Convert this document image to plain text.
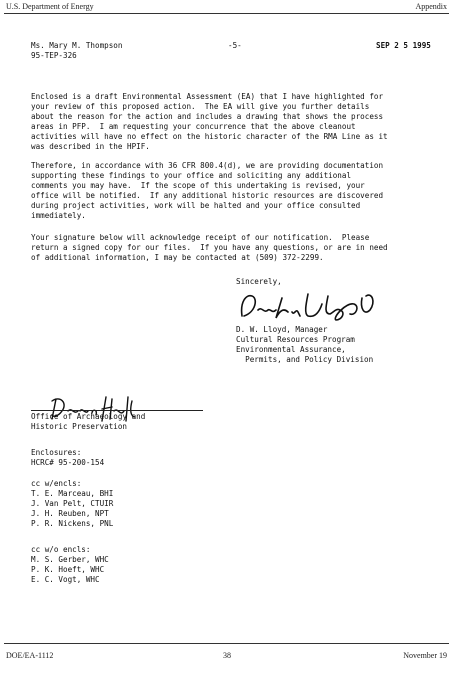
U.S. Department of Energy	Appendix
Ms. Mary M. Thompson
95-TEP-326
-5-	SEP 2 5 1995
Enclosed is a draft Environmental Assessment (EA) that I have highlighted for
your review of this proposed action.  The EA will give you further details
about the reason for the action and includes a drawing that shows the process
areas in PFP.  I am requesting your concurrence that the above cleanout
activities will have no effect on the historic character of the RMA Line as it
was described in the HPIF.
Therefore, in accordance with 36 CFR 800.4(d), we are providing documentation
supporting these findings to your office and soliciting any additional
comments you may have.  If the scope of this undertaking is revised, your
office will be notified.  If any additional historic resources are discovered
during project activities, work will be halted and your office consulted
immediately.
Your signature below will acknowledge receipt of our notification.  Please
return a signed copy for our files.  If you have any questions, or are in need
of additional information, I may be contacted at (509) 372-2299.
Sincerely,
D. W. Lloyd, Manager
Cultural Resources Program
Environmental Assurance,
Permits, and Policy Division
Office of Archaeology and
Historic Preservation
Enclosures:
HCRC# 95-200-154
cc w/encls:
T. E. Marceau, BHI
J. Van Pelt, CTUIR
J. H. Reuben, NPT
P. R. Nickens, PNL
cc w/o encls:
M. S. Gerber, WHC
P. K. Hoeft, WHC
E. C. Vogt, WHC
DOE/EA-1112	38	November 19
